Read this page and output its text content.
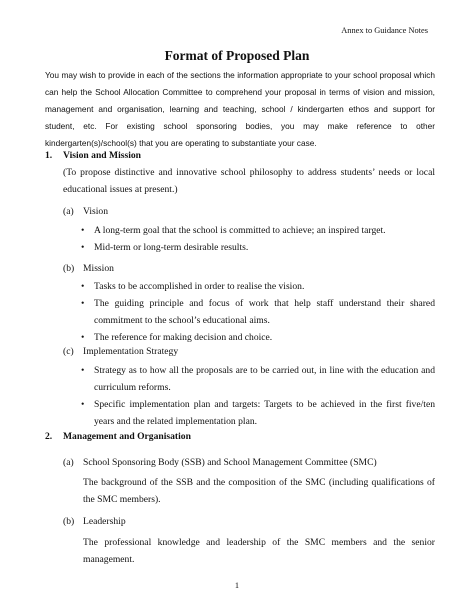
Annex to Guidance Notes
Format of Proposed Plan

You may wish to provide in each of the sections the information appropriate to your school proposal which can help the School Allocation Committee to comprehend your proposal in terms of vision and mission, management and organisation, learning and teaching, school / kindergarten ethos and support for student, etc. For existing school sponsoring bodies, you may make reference to other kindergarten(s)/school(s) that you are operating to substantiate your case.

1. Vision and Mission
(To propose distinctive and innovative school philosophy to address students’ needs or local educational issues at present.)
(a) Vision
• A long-term goal that the school is committed to achieve; an inspired target.
• Mid-term or long-term desirable results.
(b) Mission
• Tasks to be accomplished in order to realise the vision.
• The guiding principle and focus of work that help staff understand their shared commitment to the school’s educational aims.
• The reference for making decision and choice.
(c) Implementation Strategy
• Strategy as to how all the proposals are to be carried out, in line with the education and curriculum reforms.
• Specific implementation plan and targets: Targets to be achieved in the first five/ten years and the related implementation plan.
2. Management and Organisation
(a) School Sponsoring Body (SSB) and School Management Committee (SMC)
The background of the SSB and the composition of the SMC (including qualifications of the SMC members).
(b) Leadership
The professional knowledge and leadership of the SMC members and the senior management.
1
